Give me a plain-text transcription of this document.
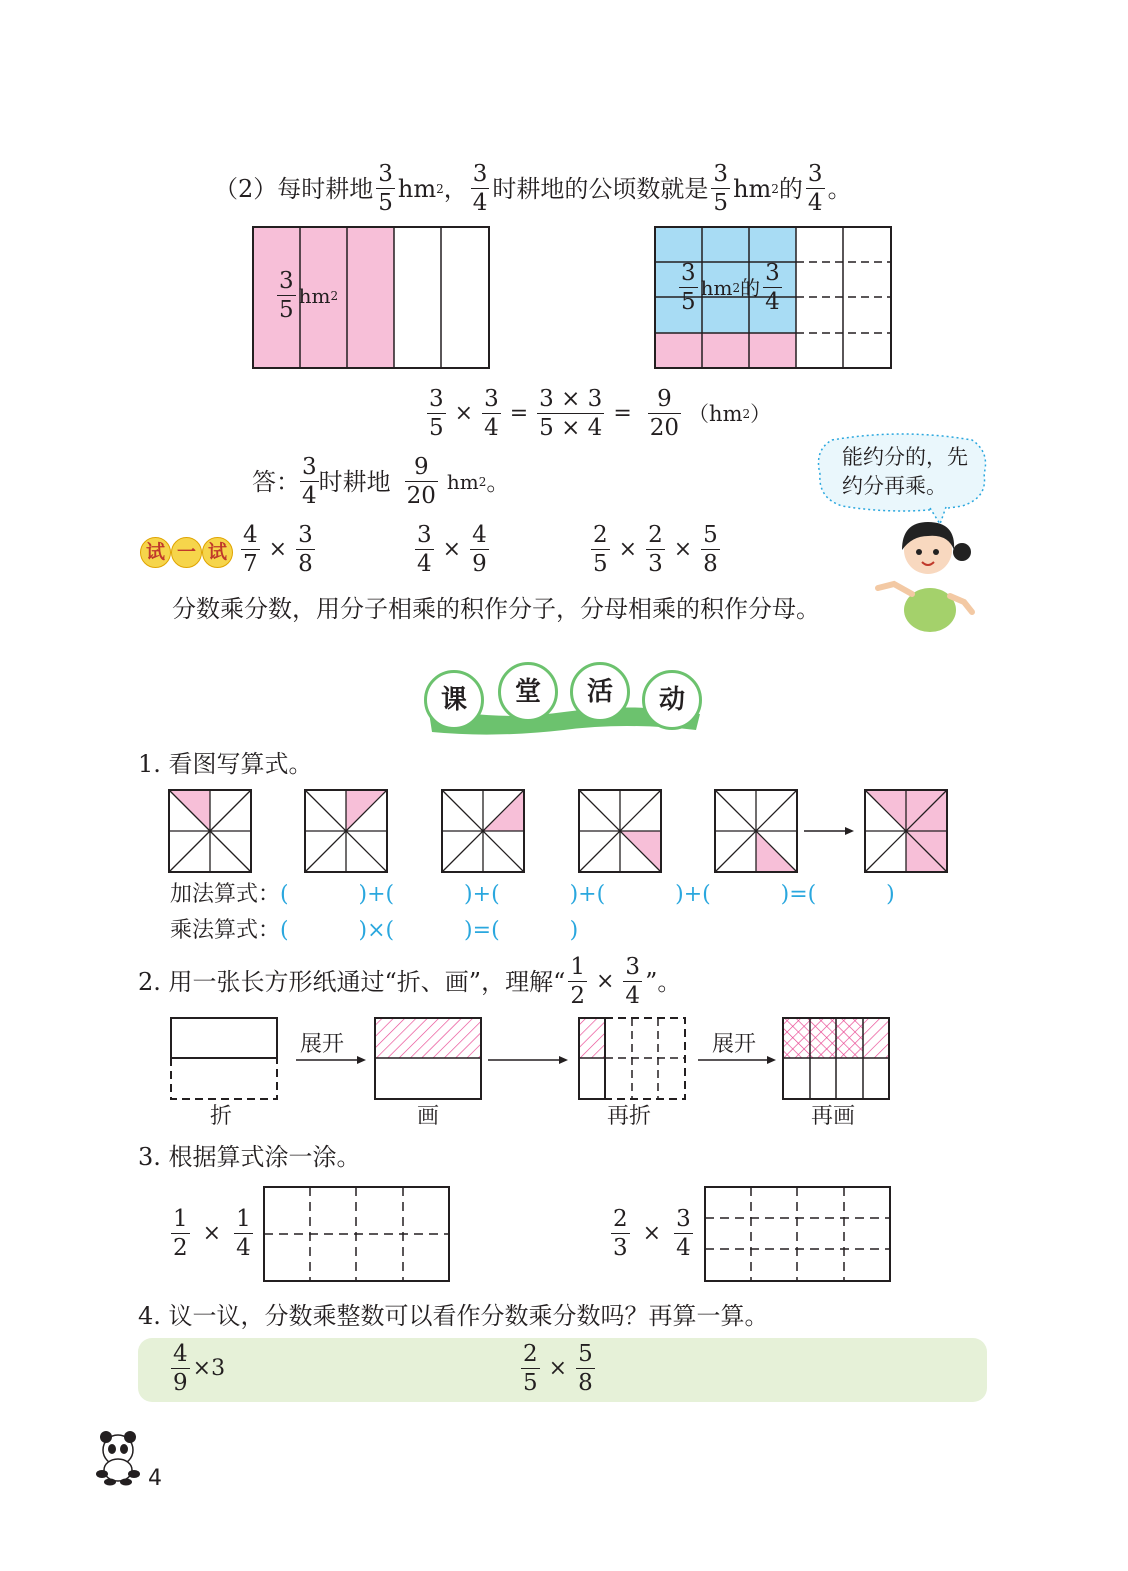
（2）每时耕地 $\frac{3}{5}$ hm 2 ， $\frac{3}{4}$ 时耕地的公顷数就是 $\frac{3}{5}$ hm 2 的 $\frac{3}{4}$ 。
$\frac{3}{5}$ hm 2	$\frac{3}{5}$ hm 2 的 $\frac{3}{4}$
$\frac{3}{5} \times \frac{3}{4} = \frac{3 \times 3}{5 \times 4} = \frac{9}{20} (hm$ 2 ）
答： $\frac{3}{4}$ 时耕地 $\frac{9}{20}$ hm 2 。
能约分的，先
约分再乘。
试 一 试 $\frac{4}{7} \times \frac{3}{8}$	$\frac{3}{4} \times \frac{4}{9}$	$\frac{2}{5} \times \frac{2}{3} \times \frac{5}{8}$
分数乘分数，用分子相乘的积作分子，分母相乘的积作分母。
课	堂	活	动
1. 看图写算式。
加法算式：(          )+(          )+(          )+(          )+(          )=(          )
乘法算式：(          )×(          )=(          )
2. 用一张长方形纸通过“折、画”，理解“ $\frac{1}{2} \times \frac{3}{4}$ ”。
折
展开
画	再折
展开
再画
3. 根据算式涂一涂。
$\frac{1}{2} \times \frac{1}{4}$	$\frac{2}{3} \times \frac{3}{4}$
4. 议一议，分数乘整数可以看作分数乘分数吗？再算一算。
$\frac{4}{9} \times 3$	$\frac{2}{5} \times \frac{5}{8}$
4
